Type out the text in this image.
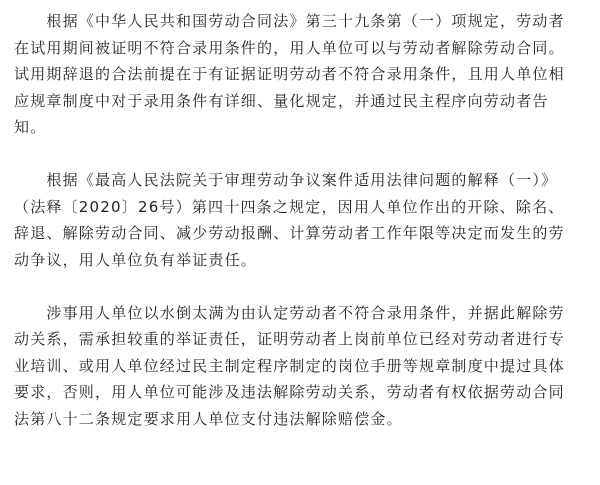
　　根据《中华人民共和国劳动合同法》第三十九条第（一）项规定，劳动者
在试用期间被证明不符合录用条件的，用人单位可以与劳动者解除劳动合同。
试用期辞退的合法前提在于有证据证明劳动者不符合录用条件，且用人单位相
应规章制度中对于录用条件有详细、量化规定，并通过民主程序向劳动者告
知。
　　根据《最高人民法院关于审理劳动争议案件适用法律问题的解释（一）》
（法释〔2020〕26号）第四十四条之规定，因用人单位作出的开除、除名、
辞退、解除劳动合同、减少劳动报酬、计算劳动者工作年限等决定而发生的劳
动争议，用人单位负有举证责任。
　　涉事用人单位以水倒太满为由认定劳动者不符合录用条件，并据此解除劳
动关系，需承担较重的举证责任，证明劳动者上岗前单位已经对劳动者进行专
业培训、或用人单位经过民主制定程序制定的岗位手册等规章制度中提过具体
要求，否则，用人单位可能涉及违法解除劳动关系，劳动者有权依据劳动合同
法第八十二条规定要求用人单位支付违法解除赔偿金。
